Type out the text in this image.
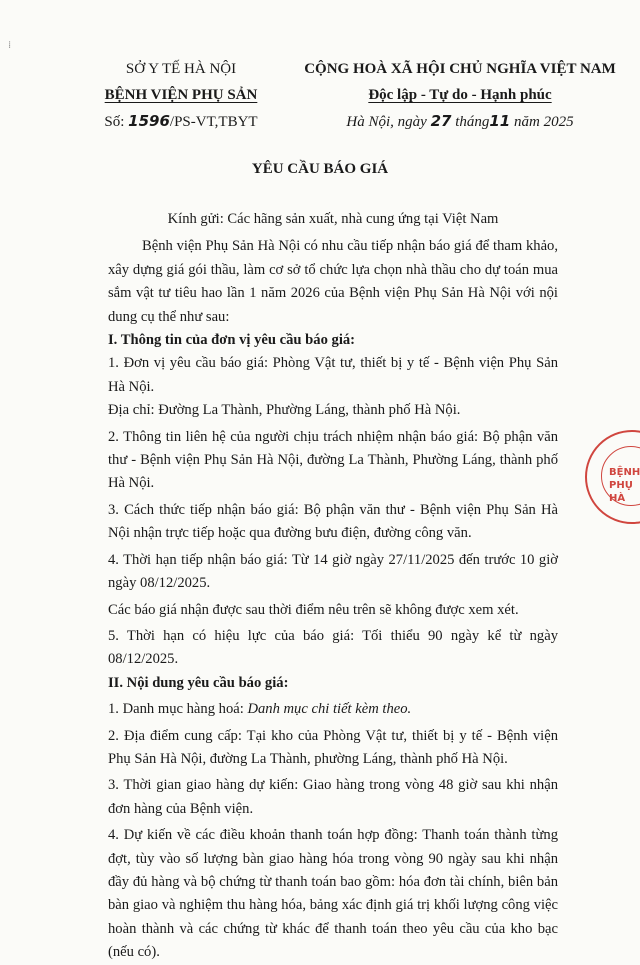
⁞
SỞ Y TẾ HÀ NỘI
BỆNH VIỆN PHỤ SẢN
Số: 1596/PS-VT,TBYT
CỘNG HOÀ XÃ HỘI CHỦ NGHĨA VIỆT NAM
Độc lập - Tự do - Hạnh phúc
Hà Nội, ngày 27 tháng11 năm 2025
YÊU CẦU BÁO GIÁ

Kính gửi: Các hãng sản xuất, nhà cung ứng tại Việt Nam

Bệnh viện Phụ Sản Hà Nội có nhu cầu tiếp nhận báo giá để tham khảo, xây dựng giá gói thầu, làm cơ sở tổ chức lựa chọn nhà thầu cho dự toán mua sắm vật tư tiêu hao lần 1 năm 2026 của Bệnh viện Phụ Sản Hà Nội với nội dung cụ thể như sau:

I. Thông tin của đơn vị yêu cầu báo giá:

1. Đơn vị yêu cầu báo giá: Phòng Vật tư, thiết bị y tế - Bệnh viện Phụ Sản Hà Nội.

Địa chỉ: Đường La Thành, Phường Láng, thành phố Hà Nội.

2. Thông tin liên hệ của người chịu trách nhiệm nhận báo giá: Bộ phận văn thư - Bệnh viện Phụ Sản Hà Nội, đường La Thành, Phường Láng, thành phố Hà Nội.

3. Cách thức tiếp nhận báo giá: Bộ phận văn thư - Bệnh viện Phụ Sản Hà Nội nhận trực tiếp hoặc qua đường bưu điện, đường công văn.

4. Thời hạn tiếp nhận báo giá: Từ 14 giờ ngày 27/11/2025 đến trước 10 giờ ngày 08/12/2025.

Các báo giá nhận được sau thời điểm nêu trên sẽ không được xem xét.

5. Thời hạn có hiệu lực của báo giá: Tối thiểu 90 ngày kể từ ngày 08/12/2025.

II. Nội dung yêu cầu báo giá:

1. Danh mục hàng hoá: Danh mục chi tiết kèm theo.

2. Địa điểm cung cấp: Tại kho của Phòng Vật tư, thiết bị y tế - Bệnh viện Phụ Sản Hà Nội, đường La Thành, phường Láng, thành phố Hà Nội.

3. Thời gian giao hàng dự kiến: Giao hàng trong vòng 48 giờ sau khi nhận đơn hàng của Bệnh viện.

4. Dự kiến về các điều khoản thanh toán hợp đồng: Thanh toán thành từng đợt, tùy vào số lượng bàn giao hàng hóa trong vòng 90 ngày sau khi nhận đầy đủ hàng và bộ chứng từ thanh toán bao gồm: hóa đơn tài chính, biên bản bàn giao và nghiệm thu hàng hóa, bảng xác định giá trị khối lượng công việc hoàn thành và các chứng từ khác để thanh toán theo yêu cầu của kho bạc (nếu có).

BỆNH
PHỤ
HÀ
